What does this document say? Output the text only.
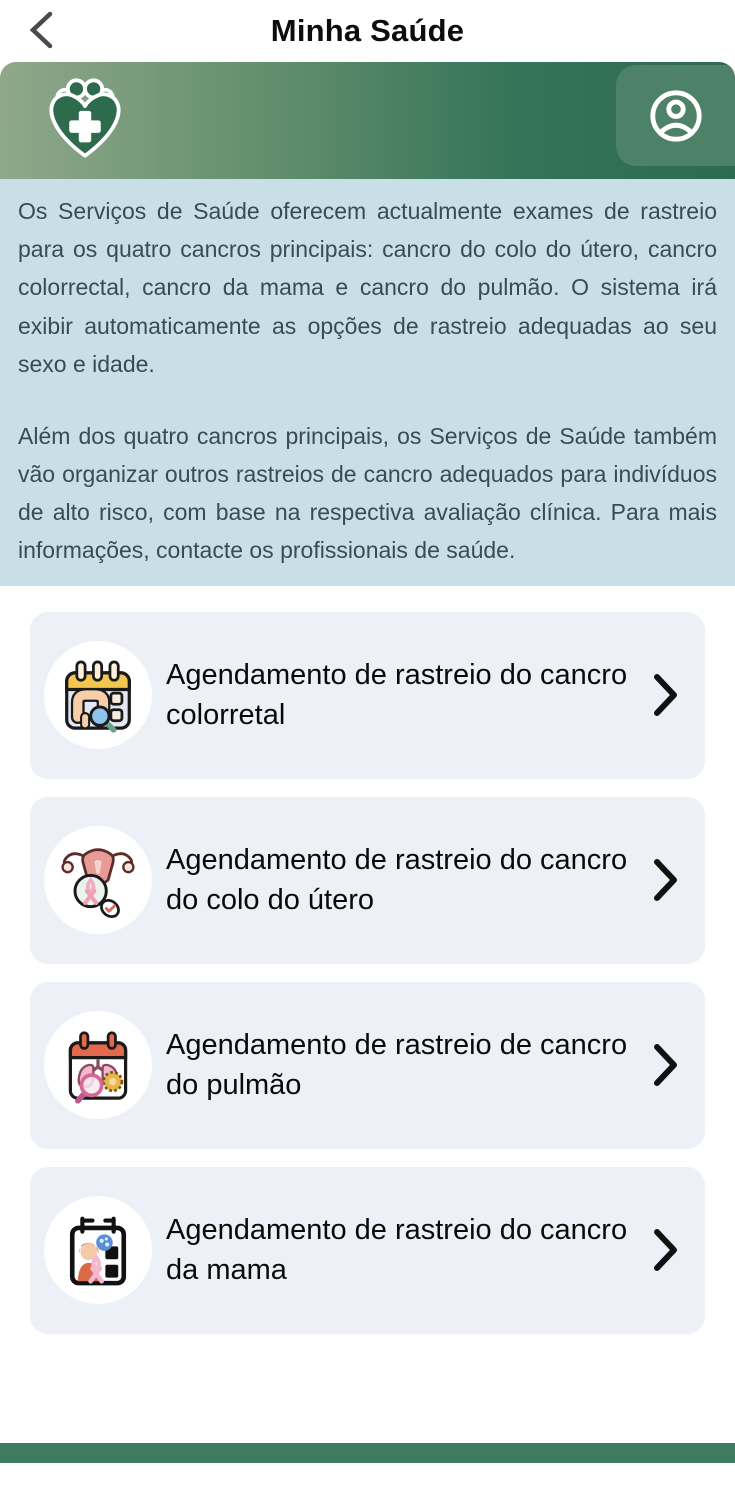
Minha Saúde

Os Serviços de Saúde oferecem actualmente exames de rastreio para os quatro cancros principais: cancro do colo do útero, cancro colorrectal, cancro da mama e cancro do pulmão. O sistema irá exibir automaticamente as opções de rastreio adequadas ao seu sexo e idade.

Além dos quatro cancros principais, os Serviços de Saúde também vão organizar outros rastreios de cancro adequados para indivíduos de alto risco, com base na respectiva avaliação clínica. Para mais informações, contacte os profissionais de saúde.

Agendamento de rastreio do cancro colorretal
Agendamento de rastreio do cancro do colo do útero
Agendamento de rastreio de cancro do pulmão
Agendamento de rastreio do cancro da mama
